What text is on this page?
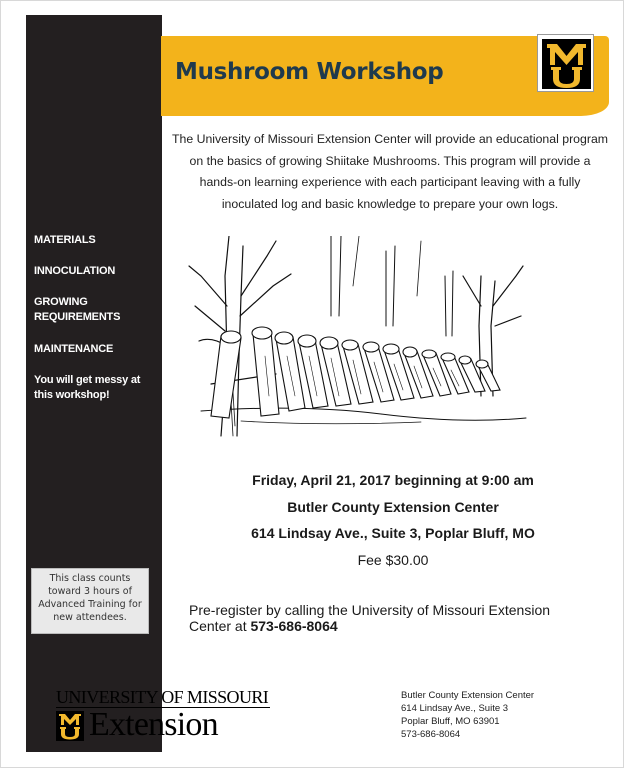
MATERIALS
INNOCULATION
GROWING REQUIREMENTS
MAINTENANCE
You will get messy at this workshop!
This class counts toward 3 hours of Advanced Training for new attendees.
Mushroom Workshop
The University of Missouri Extension Center will provide an educational program on the basics of growing Shiitake Mushrooms. This program will provide a hands-on learning experience with each participant leaving with a fully inoculated log and basic knowledge to prepare your own logs.
Friday, April 21, 2017 beginning at 9:00 am
Butler County Extension Center
614 Lindsay Ave., Suite 3, Poplar Bluff, MO
Fee $30.00
Pre-register by calling the University of Missouri Extension Center at 573-686-8064
UNIVERSITY OF MISSOURI
Extension
Butler County Extension Center
614 Lindsay Ave., Suite 3
Poplar Bluff, MO 63901
573-686-8064
